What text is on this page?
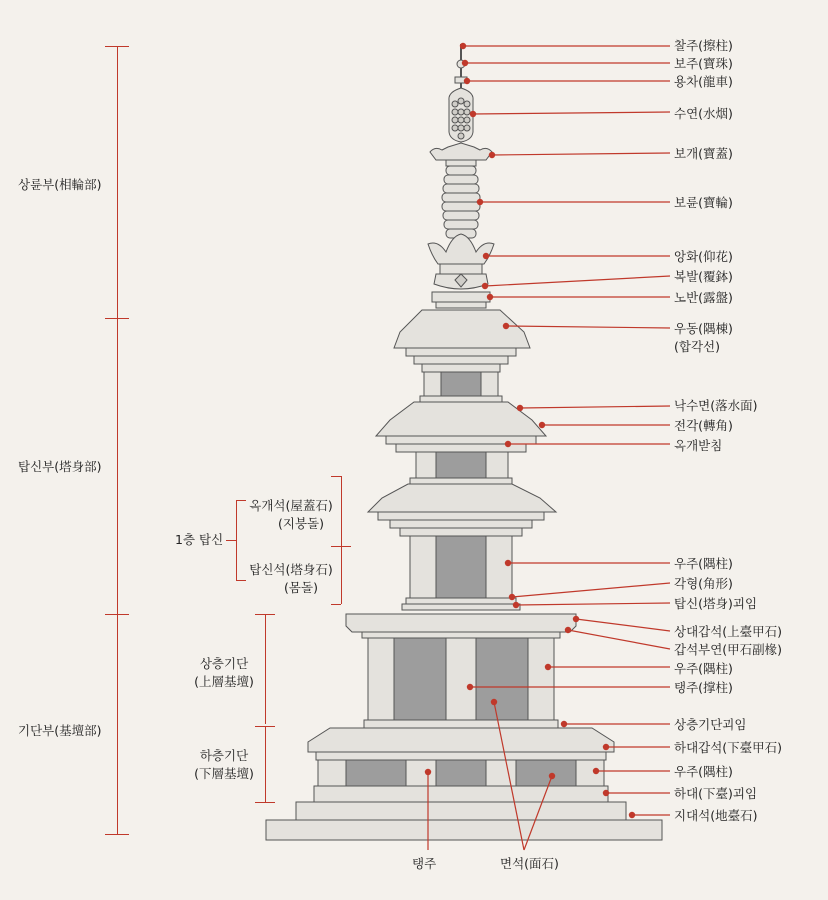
상륜부(相輪部)
탑신부(塔身部)
기단부(基壇部)
1층 탑신
옥개석(屋蓋石)
(지붕돌)
탑신석(塔身石)
(몸돌)
상층기단
(上層基壇)
하층기단
(下層基壇)
찰주(擦柱)
보주(寶珠)
용차(龍車)
수연(水烟)
보개(寶蓋)
보륜(寶輪)
앙화(仰花)
복발(覆鉢)
노반(露盤)
우동(隅棟)
(합각선)
낙수면(落水面)
전각(轉角)
옥개받침
우주(隅柱)
각형(角形)
탑신(塔身)괴임
상대갑석(上臺甲石)
갑석부연(甲石副椽)
우주(隅柱)
탱주(撑柱)
상층기단괴임
하대갑석(下臺甲石)
우주(隅柱)
하대(下臺)괴임
지대석(地臺石)
탱주	면석(面石)
